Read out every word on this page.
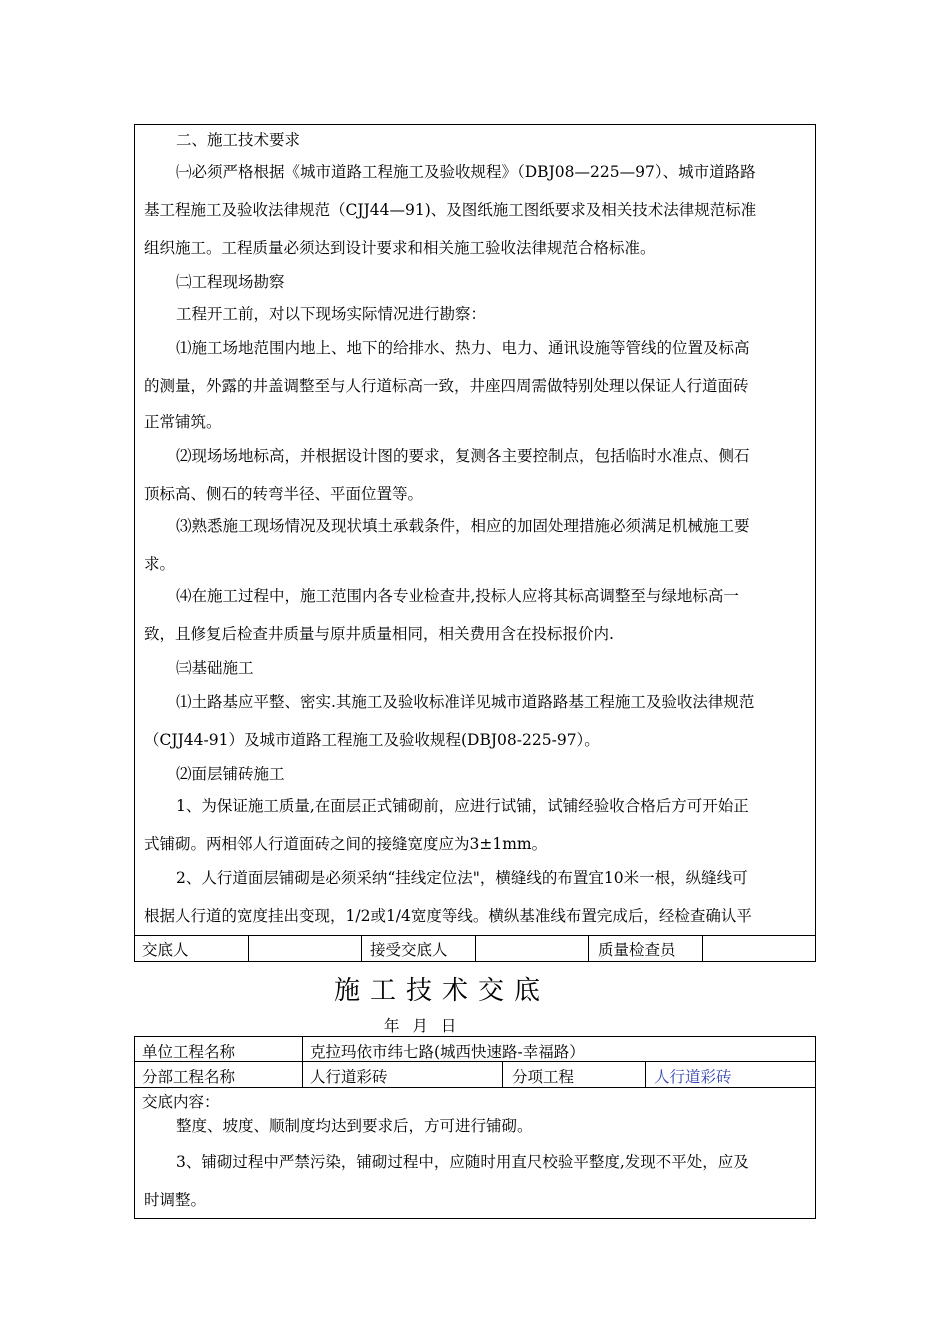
二、施工技术要求
㈠必须严格根据《城市道路工程施工及验收规程》（DBJ08—225—97）、城市道路路
基工程施工及验收法律规范（CJJ44—91)、及图纸施工图纸要求及相关技术法律规范标准
组织施工。工程质量必须达到设计要求和相关施工验收法律规范合格标准。
㈡工程现场勘察
工程开工前，对以下现场实际情况进行勘察：
⑴施工场地范围内地上、地下的给排水、热力、电力、通讯设施等管线的位置及标高
的测量，外露的井盖调整至与人行道标高一致，井座四周需做特别处理以保证人行道面砖
正常铺筑。
⑵现场场地标高，并根据设计图的要求，复测各主要控制点，包括临时水准点、侧石
顶标高、侧石的转弯半径、平面位置等。
⑶熟悉施工现场情况及现状填土承载条件，相应的加固处理措施必须满足机械施工要
求。
⑷在施工过程中，施工范围内各专业检查井,投标人应将其标高调整至与绿地标高一
致，且修复后检查井质量与原井质量相同，相关费用含在投标报价内.
㈢基础施工
⑴土路基应平整、密实.其施工及验收标准详见城市道路路基工程施工及验收法律规范
（CJJ44-91）及城市道路工程施工及验收规程(DBJ08-225-97）。
⑵面层铺砖施工
1、为保证施工质量,在面层正式铺砌前，应进行试铺，试铺经验收合格后方可开始正
式铺砌。两相邻人行道面砖之间的接缝宽度应为3±1mm。
2、人行道面层铺砌是必须采纳“挂线定位法"，横缝线的布置宜10米一根，纵缝线可
根据人行道的宽度挂出变现，1/2或1/4宽度等线。横纵基准线布置完成后，经检查确认平
交底人	接受交底人	质量检查员
施工技术交底
年 月 日
单位工程名称	克拉玛依市纬七路(城西快速路-幸福路）
分部工程名称	人行道彩砖	分项工程	人行道彩砖
交底内容：
整度、坡度、顺制度均达到要求后，方可进行铺砌。
3、铺砌过程中严禁污染，铺砌过程中，应随时用直尺校验平整度,发现不平处，应及
时调整。
